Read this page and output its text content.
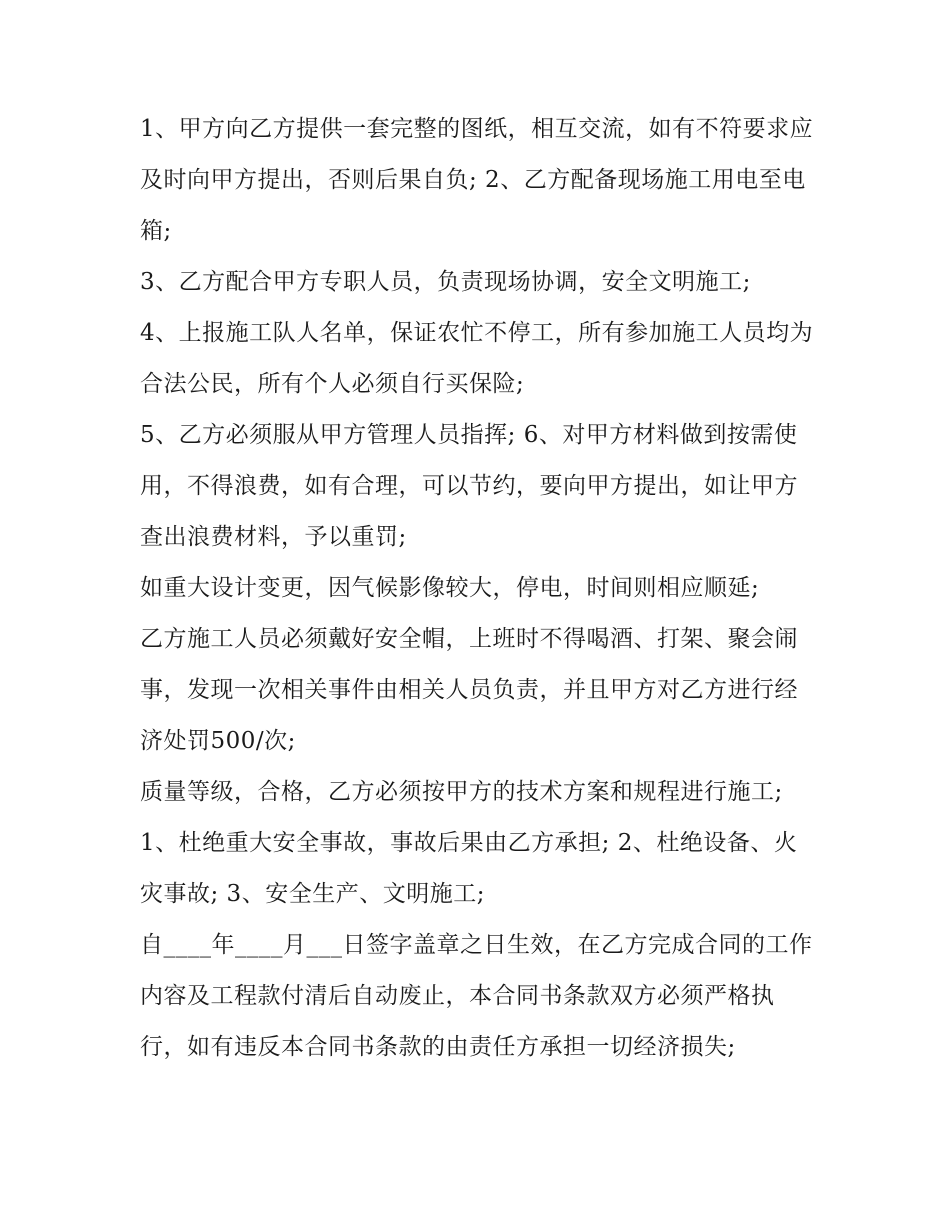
1、甲方向乙方提供一套完整的图纸，相互交流，如有不符要求应及时向甲方提出，否则后果自负; 2、乙方配备现场施工用电至电箱;

3、乙方配合甲方专职人员，负责现场协调，安全文明施工;

4、上报施工队人名单，保证农忙不停工，所有参加施工人员均为合法公民，所有个人必须自行买保险;

5、乙方必须服从甲方管理人员指挥; 6、对甲方材料做到按需使用，不得浪费，如有合理，可以节约，要向甲方提出，如让甲方查出浪费材料，予以重罚;

如重大设计变更，因气候影像较大，停电，时间则相应顺延;

乙方施工人员必须戴好安全帽，上班时不得喝酒、打架、聚会闹事，发现一次相关事件由相关人员负责，并且甲方对乙方进行经济处罚500/次;

质量等级，合格，乙方必须按甲方的技术方案和规程进行施工; 1、杜绝重大安全事故，事故后果由乙方承担; 2、杜绝设备、火灾事故; 3、安全生产、文明施工;

自____年____月___日签字盖章之日生效，在乙方完成合同的工作内容及工程款付清后自动废止，本合同书条款双方必须严格执行，如有违反本合同书条款的由责任方承担一切经济损失;
